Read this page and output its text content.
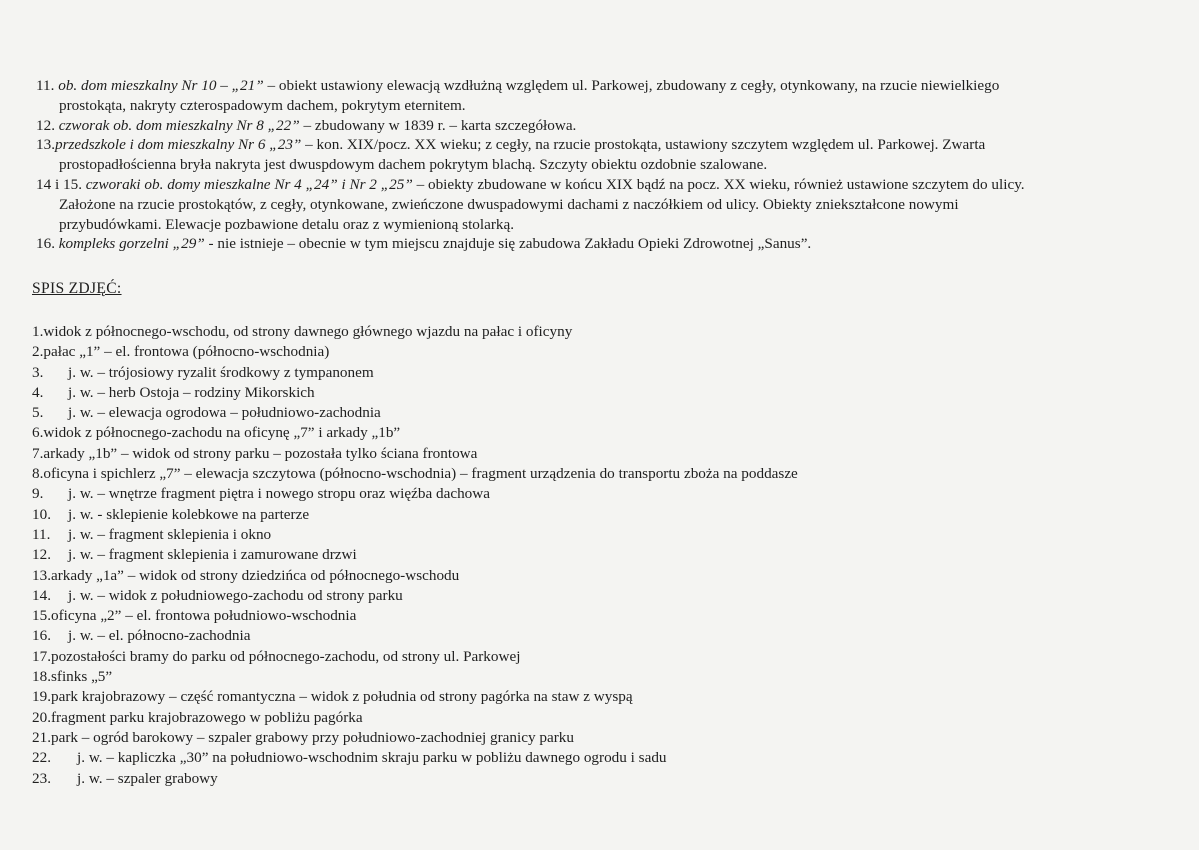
11. ob. dom mieszkalny Nr 10 – „21” – obiekt ustawiony elewacją wzdłużną względem ul. Parkowej, zbudowany z cegły, otynkowany, na rzucie niewielkiego
prostokąta, nakryty czterospadowym dachem, pokrytym eternitem.
12. czworak ob. dom mieszkalny Nr 8 „22” – zbudowany w 1839 r. – karta szczegółowa.
13.przedszkole i dom mieszkalny Nr 6 „23” – kon. XIX/pocz. XX wieku; z cegły, na rzucie prostokąta, ustawiony szczytem względem ul. Parkowej. Zwarta
prostopadłościenna bryła nakryta jest dwuspdowym dachem pokrytym blachą. Szczyty obiektu ozdobnie szalowane.
14 i 15. czworaki ob. domy mieszkalne Nr 4 „24” i Nr 2 „25” – obiekty zbudowane w końcu XIX bądź na pocz. XX wieku, również ustawione szczytem do ulicy.
Założone na rzucie prostokątów, z cegły, otynkowane, zwieńczone dwuspadowymi dachami z naczółkiem od ulicy. Obiekty zniekształcone nowymi
przybudówkami. Elewacje pozbawione detalu oraz z wymienioną stolarką.
16. kompleks gorzelni „29” - nie istnieje – obecnie w tym miejscu znajduje się zabudowa Zakładu Opieki Zdrowotnej „Sanus”.
SPIS ZDJĘĆ:
1.widok z północnego-wschodu, od strony dawnego głównego wjazdu na pałac i oficyny
2.pałac „1” – el. frontowa (północno-wschodnia)
3. j. w. – trójosiowy ryzalit środkowy z tympanonem
4. j. w. – herb Ostoja – rodziny Mikorskich
5. j. w. – elewacja ogrodowa – południowo-zachodnia
6.widok z północnego-zachodu na oficynę „7” i arkady „1b”
7.arkady „1b” – widok od strony parku – pozostała tylko ściana frontowa
8.oficyna i spichlerz „7” – elewacja szczytowa (północno-wschodnia) – fragment urządzenia do transportu zboża na poddasze
9. j. w. – wnętrze fragment piętra i nowego stropu oraz więźba dachowa
10. j. w. - sklepienie kolebkowe na parterze
11. j. w. – fragment sklepienia i okno
12. j. w. – fragment sklepienia i zamurowane drzwi
13.arkady „1a” – widok od strony dziedzińca od północnego-wschodu
14. j. w. – widok z południowego-zachodu od strony parku
15.oficyna „2” – el. frontowa południowo-wschodnia
16. j. w. – el. północno-zachodnia
17.pozostałości bramy do parku od północnego-zachodu, od strony ul. Parkowej
18.sfinks „5”
19.park krajobrazowy – część romantyczna – widok z południa od strony pagórka na staw z wyspą
20.fragment parku krajobrazowego w pobliżu pagórka
21.park – ogród barokowy – szpaler grabowy przy południowo-zachodniej granicy parku
22. j. w. – kapliczka „30” na południowo-wschodnim skraju parku w pobliżu dawnego ogrodu i sadu
23. j. w. – szpaler grabowy
